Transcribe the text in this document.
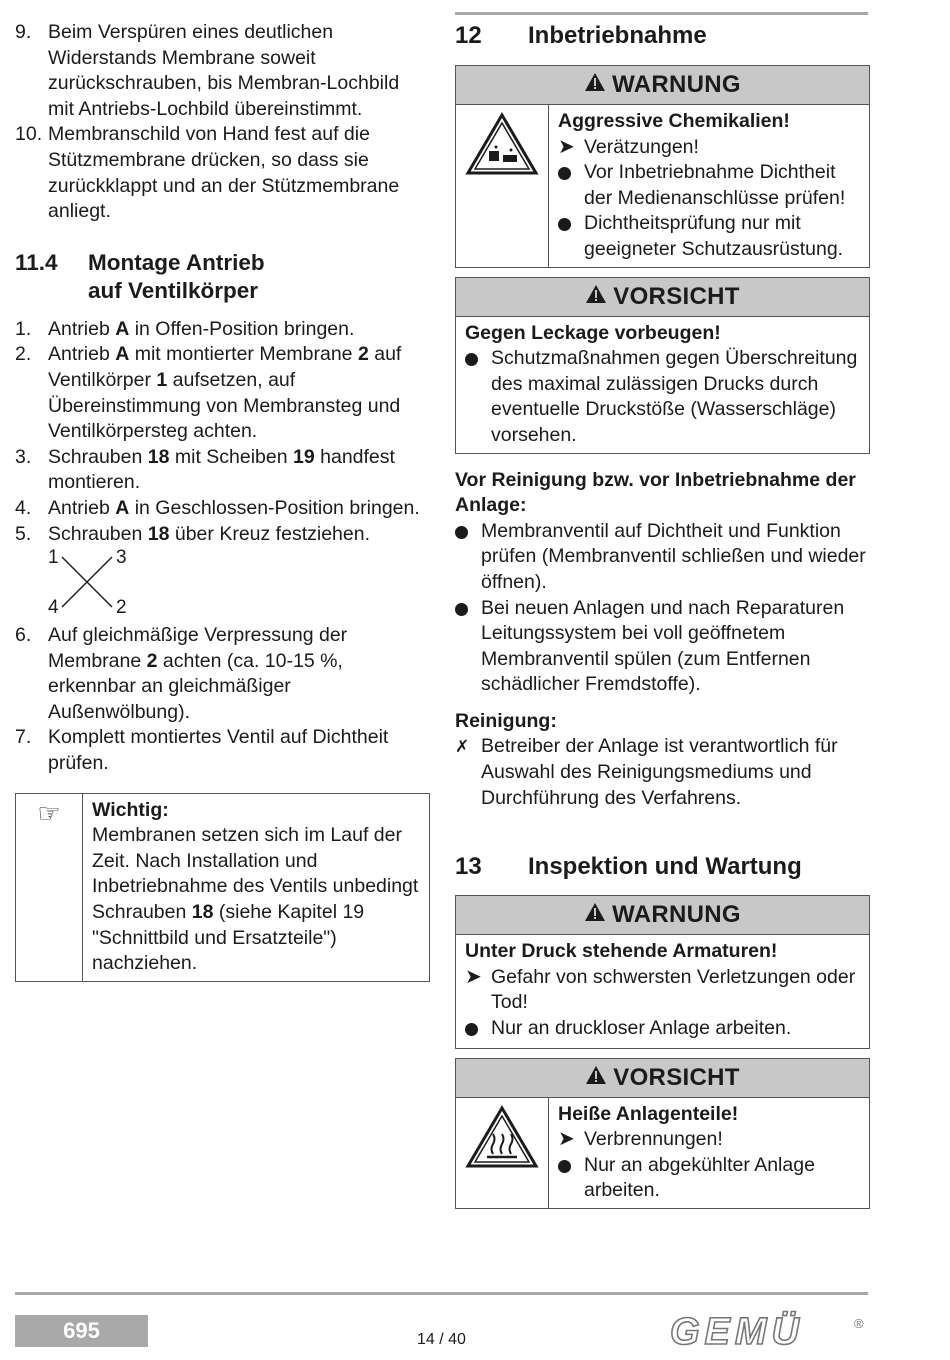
9. Beim Verspüren eines deutlichen Widerstands Membrane soweit zurückschrauben, bis Membran-Lochbild mit Antriebs-Lochbild übereinstimmt.
10. Membranschild von Hand fest auf die Stützmembrane drücken, so dass sie zurückklappt und an der Stützmembrane anliegt.
11.4	Montage Antrieb
auf Ventilkörper
1. Antrieb A in Offen-Position bringen.
2. Antrieb A mit montierter Membrane 2 auf Ventilkörper 1 aufsetzen, auf Übereinstimmung von Membransteg und Ventilkörpersteg achten.
3. Schrauben 18 mit Scheiben 19 handfest montieren.
4. Antrieb A in Geschlossen-Position bringen.
5. Schrauben 18 über Kreuz festziehen.
1	3
4	2
6. Auf gleichmäßige Verpressung der Membrane 2 achten (ca. 10-15 %, erkennbar an gleichmäßiger Außenwölbung).
7. Komplett montiertes Ventil auf Dichtheit prüfen.
☞	Wichtig:
Membranen setzen sich im Lauf der Zeit. Nach Installation und Inbetriebnahme des Ventils unbedingt Schrauben 18 (siehe Kapitel 19 "Schnittbild und Ersatzteile") nachziehen.
12	Inbetriebnahme
WARNUNG
Aggressive Chemikalien!
➤ Verätzungen!
Vor Inbetriebnahme Dichtheit der Medienanschlüsse prüfen!
Dichtheitsprüfung nur mit geeigneter Schutzausrüstung.
VORSICHT
Gegen Leckage vorbeugen!
Schutzmaßnahmen gegen Überschreitung des maximal zulässigen Drucks durch eventuelle Druckstöße (Wasserschläge) vorsehen.
Vor Reinigung bzw. vor Inbetriebnahme der Anlage:
Membranventil auf Dichtheit und Funktion prüfen (Membranventil schließen und wieder öffnen).
Bei neuen Anlagen und nach Reparaturen Leitungssystem bei voll geöffnetem Membranventil spülen (zum Entfernen schädlicher Fremdstoffe).
Reinigung:
✗ Betreiber der Anlage ist verantwortlich für Auswahl des Reinigungsmediums und Durchführung des Verfahrens.
13	Inspektion und Wartung
WARNUNG
Unter Druck stehende Armaturen!
➤ Gefahr von schwersten Verletzungen oder Tod!
Nur an druckloser Anlage arbeiten.
VORSICHT
Heiße Anlagenteile!
➤ Verbrennungen!
Nur an abgekühlter Anlage arbeiten.
695	14 / 40	GEMÜ	®
